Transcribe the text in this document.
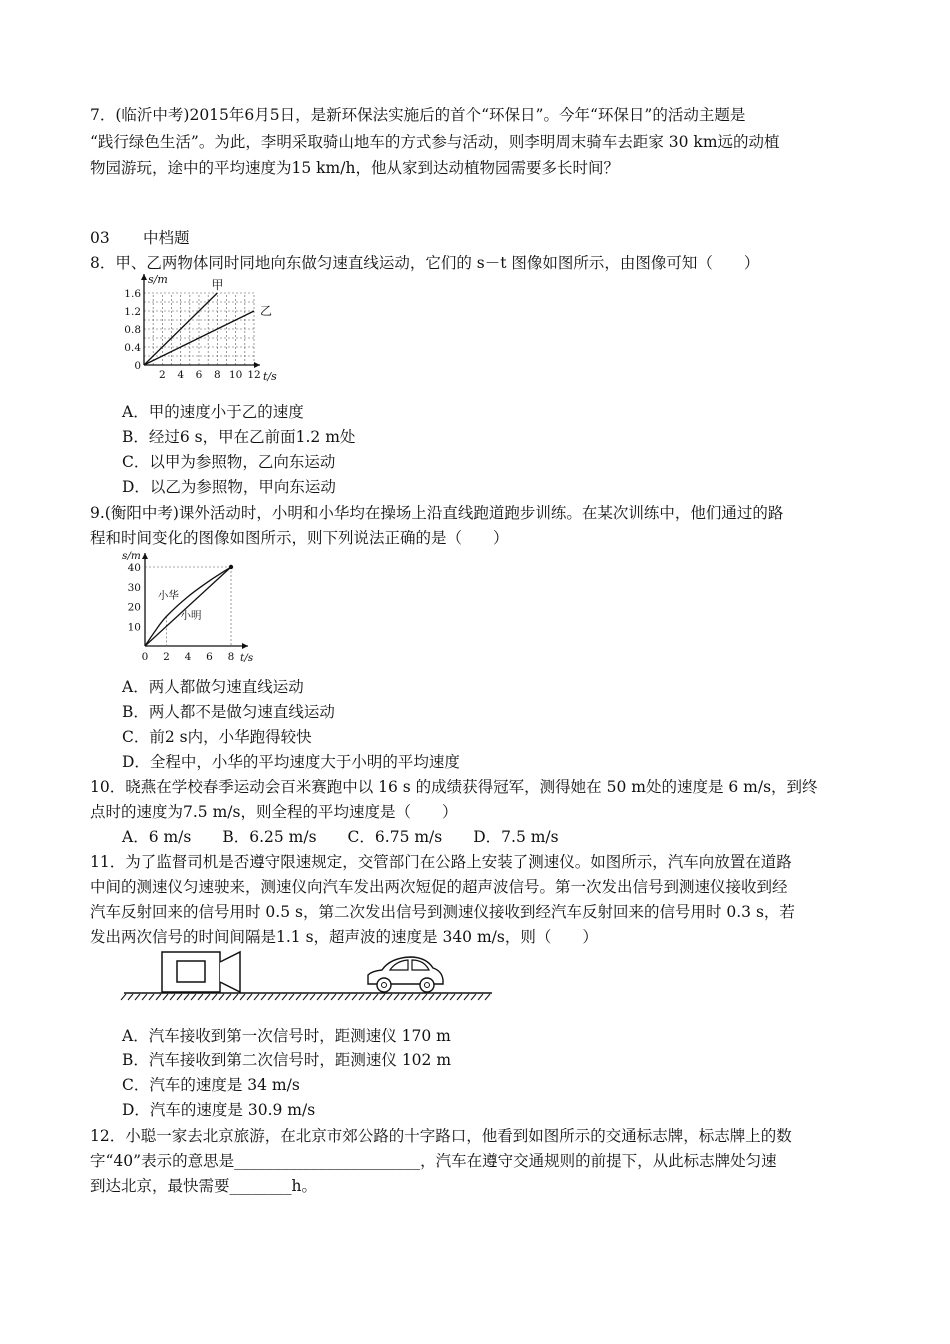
7．(临沂中考)2015年6月5日，是新环保法实施后的首个“环保日”。今年“环保日”的活动主题是
“践行绿色生活”。为此，李明采取骑山地车的方式参与活动，则李明周末骑车去距家 30 km远的动植
物园游玩，途中的平均速度为15 km/h，他从家到达动植物园需要多长时间？
03 中档题
8．甲、乙两物体同时同地向东做匀速直线运动，它们的 s－t 图像如图所示，由图像可知（　　）
0
0.4
0.8
1.2
1.6
2 4 6 8 10 12
甲
乙
s/m
t/s
A．甲的速度小于乙的速度
B．经过6 s，甲在乙前面1.2 m处
C．以甲为参照物，乙向东运动
D．以乙为参照物，甲向东运动
9.(衡阳中考)课外活动时，小明和小华均在操场上沿直线跑道跑步训练。在某次训练中，他们通过的路
程和时间变化的图像如图所示，则下列说法正确的是（　　）
10
20
30
40
0 2 4 6 8
小华
小明
s/m
t/s
A．两人都做匀速直线运动
B．两人都不是做匀速直线运动
C．前2 s内，小华跑得较快
D．全程中，小华的平均速度大于小明的平均速度
10．晓燕在学校春季运动会百米赛跑中以 16 s 的成绩获得冠军，测得她在 50 m处的速度是 6 m/s，到终
点时的速度为7.5 m/s，则全程的平均速度是（　　）
A．6 m/s　　B．6.25 m/s　　C．6.75 m/s　　D．7.5 m/s
11．为了监督司机是否遵守限速规定，交管部门在公路上安装了测速仪。如图所示，汽车向放置在道路
中间的测速仪匀速驶来，测速仪向汽车发出两次短促的超声波信号。第一次发出信号到测速仪接收到经
汽车反射回来的信号用时 0.5 s，第二次发出信号到测速仪接收到经汽车反射回来的信号用时 0.3 s，若
发出两次信号的时间间隔是1.1 s，超声波的速度是 340 m/s，则（　　）
A．汽车接收到第一次信号时，距测速仪 170 m
B．汽车接收到第二次信号时，距测速仪 102 m
C．汽车的速度是 34 m/s
D．汽车的速度是 30.9 m/s
12．小聪一家去北京旅游，在北京市郊公路的十字路口，他看到如图所示的交通标志牌，标志牌上的数
字“40”表示的意思是________________________，汽车在遵守交通规则的前提下，从此标志牌处匀速
到达北京，最快需要________h。
